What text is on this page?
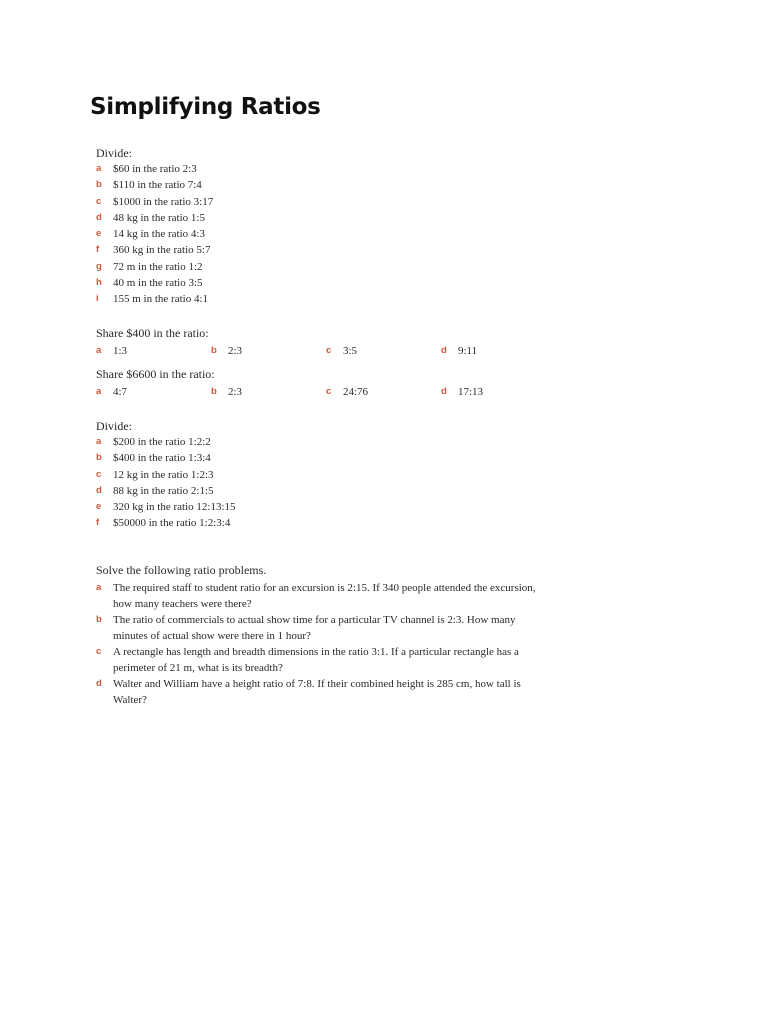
Simplifying Ratios
Divide:
a	$60 in the ratio 2:3
b	$110 in the ratio 7:4
c	$1000 in the ratio 3:17
d	48 kg in the ratio 1:5
e	14 kg in the ratio 4:3
f	360 kg in the ratio 5:7
g	72 m in the ratio 1:2
h	40 m in the ratio 3:5
i	155 m in the ratio 4:1
Share $400 in the ratio:
a	1:3	b	2:3	c	3:5	d	9:11
Share $6600 in the ratio:
a	4:7	b	2:3	c	24:76	d	17:13
Divide:
a	$200 in the ratio 1:2:2
b	$400 in the ratio 1:3:4
c	12 kg in the ratio 1:2:3
d	88 kg in the ratio 2:1:5
e	320 kg in the ratio 12:13:15
f	$50000 in the ratio 1:2:3:4
Solve the following ratio problems.
a	The required staff to student ratio for an excursion is 2:15. If 340 people attended the excursion, how many teachers were there?
b	The ratio of commercials to actual show time for a particular TV channel is 2:3. How many minutes of actual show were there in 1 hour?
c	A rectangle has length and breadth dimensions in the ratio 3:1. If a particular rectangle has a perimeter of 21 m, what is its breadth?
d	Walter and William have a height ratio of 7:8. If their combined height is 285 cm, how tall is Walter?
